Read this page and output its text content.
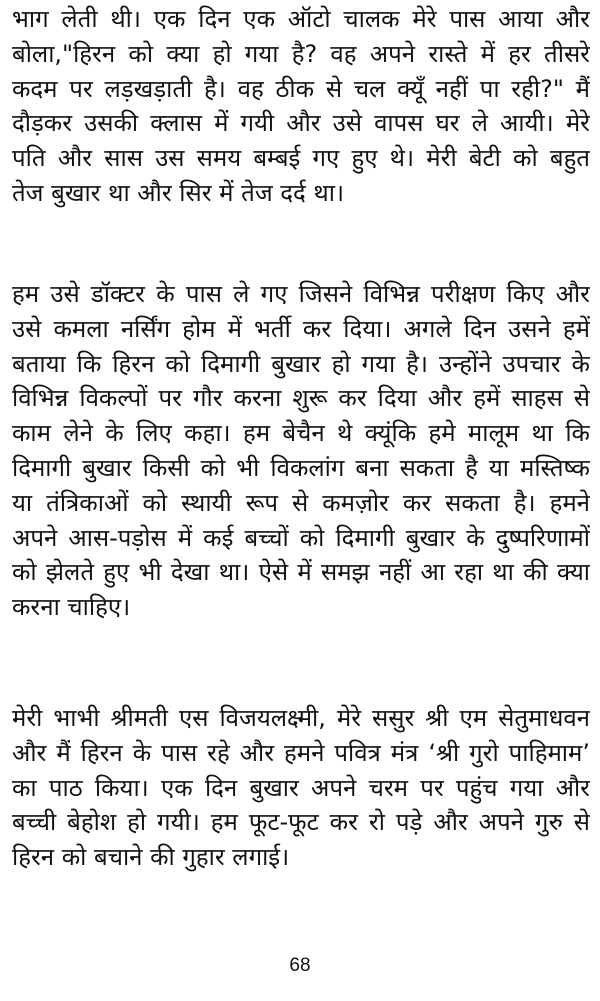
भाग लेती थी। एक दिन एक ऑटो चालक मेरे पास आया और
बोला,"हिरन को क्या हो गया है? वह अपने रास्ते में हर तीसरे
कदम पर लड़खड़ाती है। वह ठीक से चल क्यूँ नहीं पा रही?" मैं
दौड़कर उसकी क्लास में गयी और उसे वापस घर ले आयी। मेरे
पति और सास उस समय बम्बई गए हुए थे। मेरी बेटी को बहुत
तेज बुखार था और सिर में तेज दर्द था।
हम उसे डॉक्टर के पास ले गए जिसने विभिन्न परीक्षण किए और
उसे कमला नर्सिंग होम में भर्ती कर दिया। अगले दिन उसने हमें
बताया कि हिरन को दिमागी बुखार हो गया है। उन्होंने उपचार के
विभिन्न विकल्पों पर गौर करना शुरू कर दिया और हमें साहस से
काम लेने के लिए कहा। हम बेचैन थे क्यूंकि हमे मालूम था कि
दिमागी बुखार किसी को भी विकलांग बना सकता है या मस्तिष्क
या तंत्रिकाओं को स्थायी रूप से कमज़ोर कर सकता है। हमने
अपने आस-पड़ोस में कई बच्चों को दिमागी बुखार के दुष्परिणामों
को झेलते हुए भी देखा था। ऐसे में समझ नहीं आ रहा था की क्या
करना चाहिए।
मेरी भाभी श्रीमती एस विजयलक्ष्मी, मेरे ससुर श्री एम सेतुमाधवन
और मैं हिरन के पास रहे और हमने पवित्र मंत्र ‘श्री गुरो पाहिमाम’
का पाठ किया। एक दिन बुखार अपने चरम पर पहुंच गया और
बच्ची बेहोश हो गयी। हम फूट-फूट कर रो पड़े और अपने गुरु से
हिरन को बचाने की गुहार लगाई।
68
